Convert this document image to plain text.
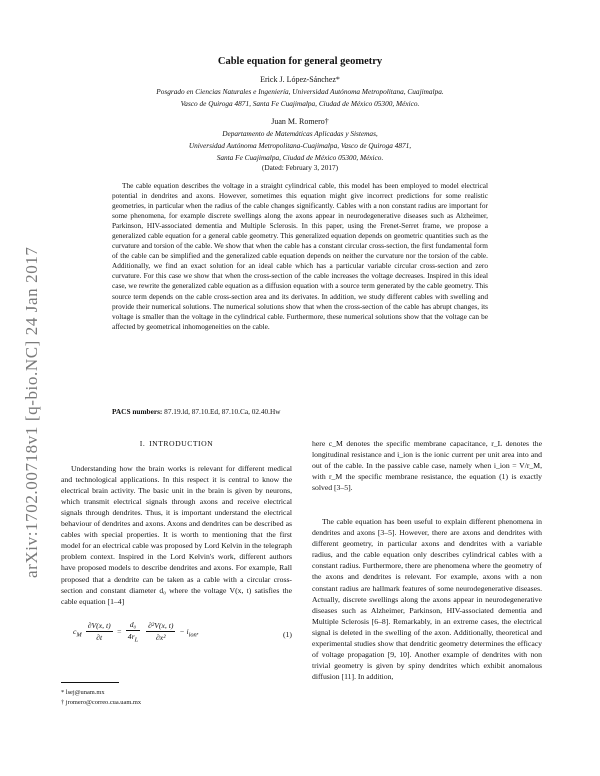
arXiv:1702.00718v1 [q-bio.NC] 24 Jan 2017
Cable equation for general geometry
Erick J. López-Sánchez*
Posgrado en Ciencias Naturales e Ingeniería, Universidad Autónoma Metropolitana, Cuajimalpa.
Vasco de Quiroga 4871, Santa Fe Cuajimalpa, Ciudad de México 05300, México.
Juan M. Romero†
Departamento de Matemáticas Aplicadas y Sistemas,
Universidad Autónoma Metropolitana-Cuajimalpa, Vasco de Quiroga 4871,
Santa Fe Cuajimalpa, Ciudad de México 05300, México.
(Dated: February 3, 2017)
The cable equation describes the voltage in a straight cylindrical cable, this model has been employed to model electrical potential in dendrites and axons. However, sometimes this equation might give incorrect predictions for some realistic geometries, in particular when the radius of the cable changes significantly. Cables with a non constant radius are important for some phenomena, for example discrete swellings along the axons appear in neurodegenerative diseases such as Alzheimer, Parkinson, HIV-associated dementia and Multiple Sclerosis. In this paper, using the Frenet-Serret frame, we propose a generalized cable equation for a general cable geometry. This generalized equation depends on geometric quantities such as the curvature and torsion of the cable. We show that when the cable has a constant circular cross-section, the first fundamental form of the cable can be simplified and the generalized cable equation depends on neither the curvature nor the torsion of the cable. Additionally, we find an exact solution for an ideal cable which has a particular variable circular cross-section and zero curvature. For this case we show that when the cross-section of the cable increases the voltage decreases. Inspired in this ideal case, we rewrite the generalized cable equation as a diffusion equation with a source term generated by the cable geometry. This source term depends on the cable cross-section area and its derivates. In addition, we study different cables with swelling and provide their numerical solutions. The numerical solutions show that when the cross-section of the cable has abrupt changes, its voltage is smaller than the voltage in the cylindrical cable. Furthermore, these numerical solutions show that the voltage can be affected by geometrical inhomogeneities on the cable.
PACS numbers: 87.19.ld, 87.10.Ed, 87.10.Ca, 02.40.Hw
I. INTRODUCTION

Understanding how the brain works is relevant for different medical and technological applications. In this respect it is central to know the electrical brain activity. The basic unit in the brain is given by neurons, which transmit electrical signals through axons and receive electrical signals through dendrites. Thus, it is important understand the electrical behaviour of dendrites and axons. Axons and dendrites can be described as cables with special properties. It is worth to mentioning that the first model for an electrical cable was proposed by Lord Kelvin in the telegraph problem context. Inspired in the Lord Kelvin's work, different authors have proposed models to describe dendrites and axons. For example, Rall proposed that a dendrite can be taken as a cable with a circular cross-section and constant diameter d₀ where the voltage V(x, t) satisfies the cable equation [1–4]

$c_M \frac{\partial V(x, t)}{\partial t} = \frac{\text{d₀}}{4r_L}$
$\frac{\text{∂²V(x, t)}}{\text{∂x²}} - i_{ion}$,	(1)

here c_M denotes the specific membrane capacitance, r_L denotes the longitudinal resistance and i_ion is the ionic current per unit area into and out of the cable. In the passive cable case, namely when i_ion = V/r_M, with r_M the specific membrane resistance, the equation (1) is exactly solved [3–5].

The cable equation has been useful to explain different phenomena in dendrites and axons [3–5]. However, there are axons and dendrites with different geometry, in particular axons and dendrites with a variable radius, and the cable equation only describes cylindrical cables with a constant radius. Furthermore, there are phenomena where the geometry of the axons and dendrites is relevant. For example, axons with a non constant radius are hallmark features of some neurodegenerative diseases. Actually, discrete swellings along the axons appear in neurodegenerative diseases such as Alzheimer, Parkinson, HIV-associated dementia and Multiple Sclerosis [6–8]. Remarkably, in an extreme cases, the electrical signal is deleted in the swelling of the axon. Additionally, theoretical and experimental studies show that dendritic geometry determines the efficacy of voltage propagation [9, 10]. Another example of dendrites with non trivial geometry is given by spiny dendrites which exhibit anomalous diffusion [11]. In addition,

* lsej@unam.mx
† jromero@correo.cua.uam.mx
